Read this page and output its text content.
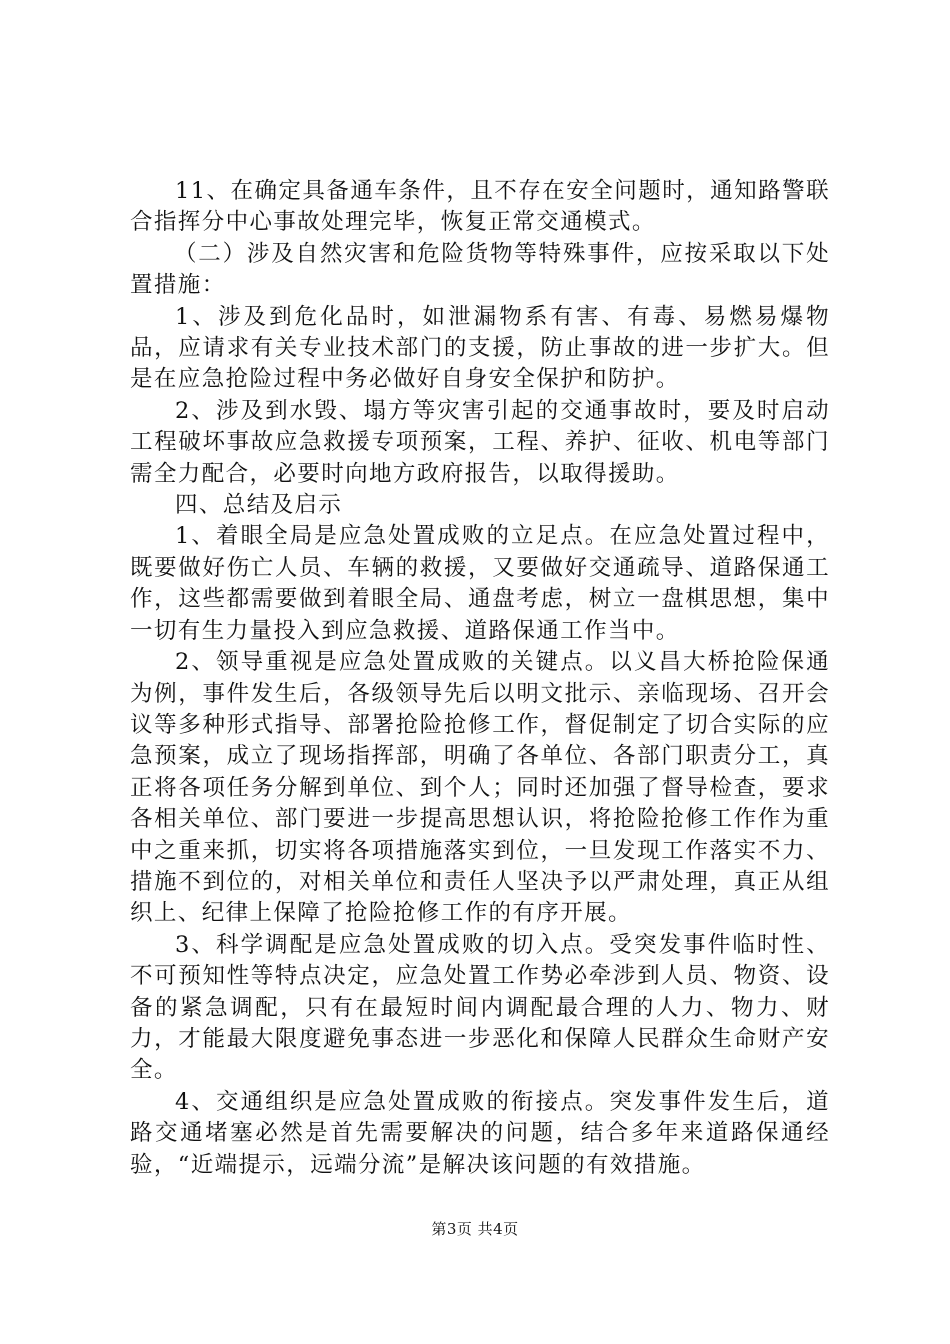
11、在确定具备通车条件，且不存在安全问题时，通知路警联合指挥分中心事故处理完毕，恢复正常交通模式。

（二）涉及自然灾害和危险货物等特殊事件，应按采取以下处置措施：

1、涉及到危化品时，如泄漏物系有害、有毒、易燃易爆物品，应请求有关专业技术部门的支援，防止事故的进一步扩大。但是在应急抢险过程中务必做好自身安全保护和防护。

2、涉及到水毁、塌方等灾害引起的交通事故时，要及时启动工程破坏事故应急救援专项预案，工程、养护、征收、机电等部门需全力配合，必要时向地方政府报告，以取得援助。

四、总结及启示

1、着眼全局是应急处置成败的立足点。在应急处置过程中，既要做好伤亡人员、车辆的救援，又要做好交通疏导、道路保通工作，这些都需要做到着眼全局、通盘考虑，树立一盘棋思想，集中一切有生力量投入到应急救援、道路保通工作当中。

2、领导重视是应急处置成败的关键点。以义昌大桥抢险保通为例，事件发生后，各级领导先后以明文批示、亲临现场、召开会议等多种形式指导、部署抢险抢修工作，督促制定了切合实际的应急预案，成立了现场指挥部，明确了各单位、各部门职责分工，真正将各项任务分解到单位、到个人；同时还加强了督导检查，要求各相关单位、部门要进一步提高思想认识，将抢险抢修工作作为重中之重来抓，切实将各项措施落实到位，一旦发现工作落实不力、措施不到位的，对相关单位和责任人坚决予以严肃处理，真正从组织上、纪律上保障了抢险抢修工作的有序开展。

3、科学调配是应急处置成败的切入点。受突发事件临时性、不可预知性等特点决定，应急处置工作势必牵涉到人员、物资、设备的紧急调配，只有在最短时间内调配最合理的人力、物力、财力，才能最大限度避免事态进一步恶化和保障人民群众生命财产安全。

4、交通组织是应急处置成败的衔接点。突发事件发生后，道路交通堵塞必然是首先需要解决的问题，结合多年来道路保通经验，“近端提示，远端分流”是解决该问题的有效措施。

第3页 共4页
